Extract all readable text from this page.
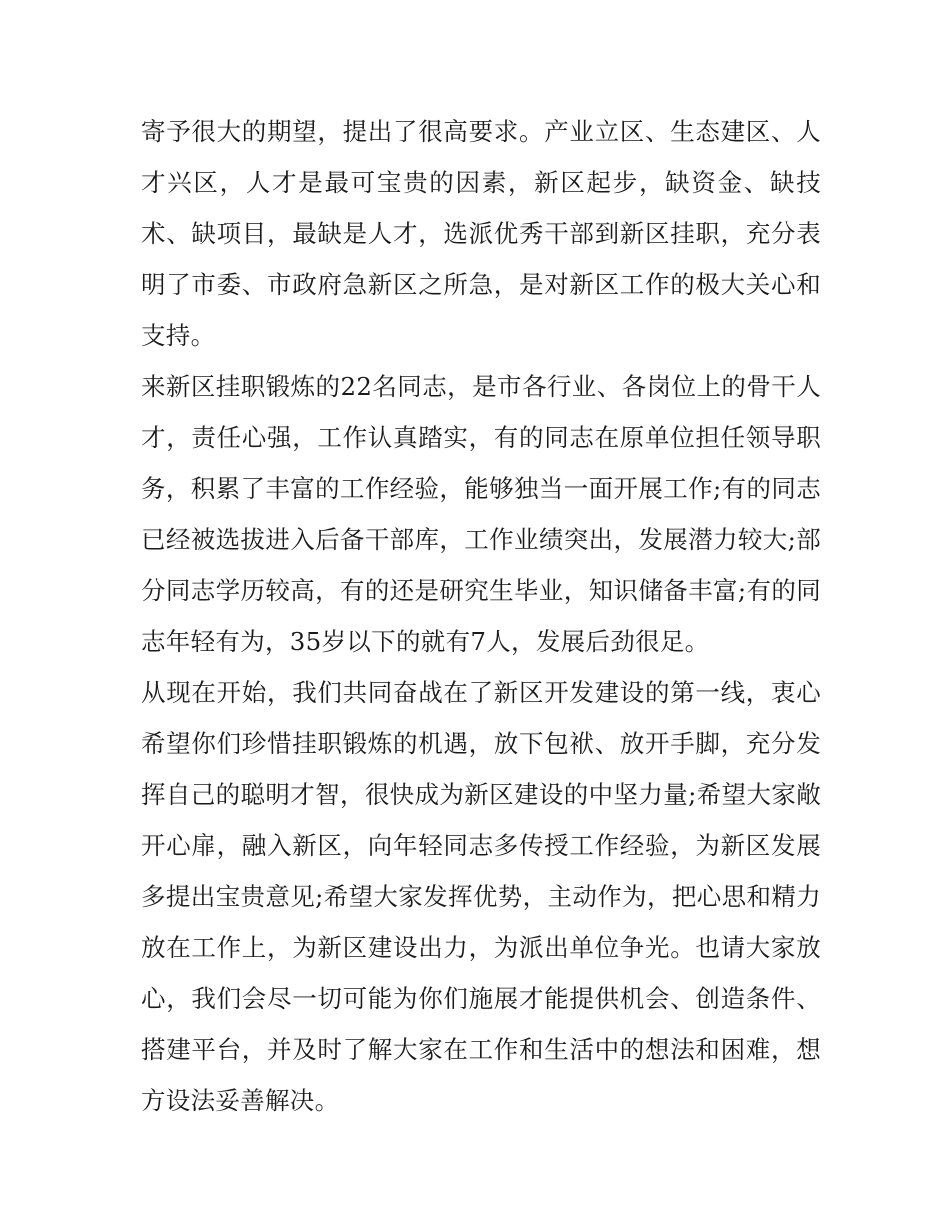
寄予很大的期望，提出了很高要求。产业立区、生态建区、人才兴区，人才是最可宝贵的因素，新区起步，缺资金、缺技术、缺项目，最缺是人才，选派优秀干部到新区挂职，充分表明了市委、市政府急新区之所急，是对新区工作的极大关心和支持。

来新区挂职锻炼的22名同志，是市各行业、各岗位上的骨干人才，责任心强，工作认真踏实，有的同志在原单位担任领导职务，积累了丰富的工作经验，能够独当一面开展工作;有的同志已经被选拔进入后备干部库，工作业绩突出，发展潜力较大;部分同志学历较高，有的还是研究生毕业，知识储备丰富;有的同志年轻有为，35岁以下的就有7人，发展后劲很足。

从现在开始，我们共同奋战在了新区开发建设的第一线，衷心希望你们珍惜挂职锻炼的机遇，放下包袱、放开手脚，充分发挥自己的聪明才智，很快成为新区建设的中坚力量;希望大家敞开心扉，融入新区，向年轻同志多传授工作经验，为新区发展多提出宝贵意见;希望大家发挥优势，主动作为，把心思和精力放在工作上，为新区建设出力，为派出单位争光。也请大家放心，我们会尽一切可能为你们施展才能提供机会、创造条件、搭建平台，并及时了解大家在工作和生活中的想法和困难，想方设法妥善解决。
